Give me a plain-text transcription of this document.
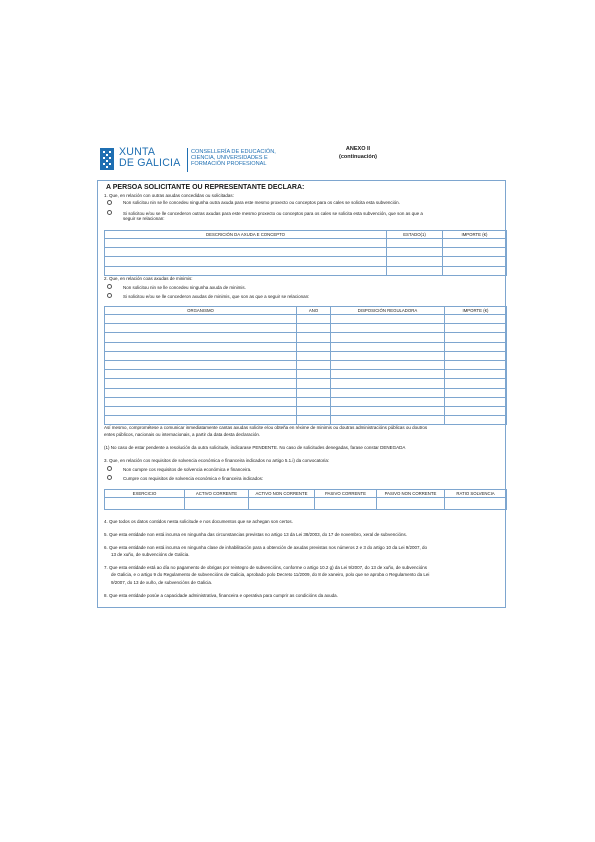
XUNTA
DE GALICIA
CONSELLERÍA DE EDUCACIÓN,
CIENCIA, UNIVERSIDADES E
FORMACIÓN PROFESIONAL
ANEXO II
(continuación)
A PERSOA SOLICITANTE OU REPRESENTANTE DECLARA:
1. Que, en relación con outras axudas concedidas ou solicitadas:
Non solicitou nin se lle concedeu ningunha outra axuda para este mesmo proxecto ou conceptos para os cales se solicita esta subvención.
Si solicitou e/ou se lle concederon outras axudas para este mesmo proxecto ou conceptos para os cales se solicita esta subvención, que son as que a
seguir se relacionan:
DESCRICIÓN DA AXUDA E CONCEPTO	ESTADO(1)	IMPORTE (€)

2. Que, en relación coas axudas de minimis:
Non solicitou nin se lle concedeu ningunha axuda de minimis.
Si solicitou e/ou se lle concederon axudas de minimis, que son as que a seguir se relacionan:
ORGANISMO	ANO	DISPOSICIÓN REGULADORA	IMPORTE (€)

Así mesmo, comprométese a comunicar inmediatamente cantas axudas solicite e/ou obteña en réxime de minimis ou doutras administracións públicas ou doutros
entes públicos, nacionais ou internacionais, a partir da data desta declaración.
(1) No caso de estar pendente a resolución da outra solicitude, indicarase PENDENTE. No caso de solicitudes denegadas, farase constar DENEGADA
3. Que, en relación cos requisitos de solvencia económica e financeira indicados no artigo 5.1.i) da convocatoria:
Non cumpre cos requisitos de solvencia económica e financeira.
Cumpre cos requisitos de solvencia económica e financeira indicados:
EXERCICIO	ACTIVO CORRENTE	ACTIVO NON CORRENTE	PASIVO CORRENTE	PASIVO NON CORRENTE	RATIO SOLVENCIA

4. Que todos os datos contidos nesta solicitude e nos documentos que se achegan son certos.
5. Que esta entidade non está incursa en ningunha das circunstancias previstas no artigo 13 da Lei 38/2003, do 17 de novembro, xeral de subvencións.
6. Que esta entidade non está incursa en ningunha clase de inhabilitación para a obtención de axudas previstas nos números 2 e 3 do artigo 10 da Lei 9/2007, do
13 de xuño, de subvencións de Galicia.
7. Que esta entidade está ao día no pagamento de obrigas por reintegro de subvencións, conforme o artigo 10.2 g) da Lei 9/2007, do 13 de xuño, de subvencións
de Galicia, e o artigo 9 do Regulamento de subvencións de Galicia, aprobado polo Decreto 11/2009, do 8 de xaneiro, polo que se aproba o Regulamento da Lei
9/2007, do 13 de xuño, de subvencións de Galicia.
8. Que esta entidade posúe a capacidade administrativa, financeira e operativa para cumprir as condicións da axuda.
